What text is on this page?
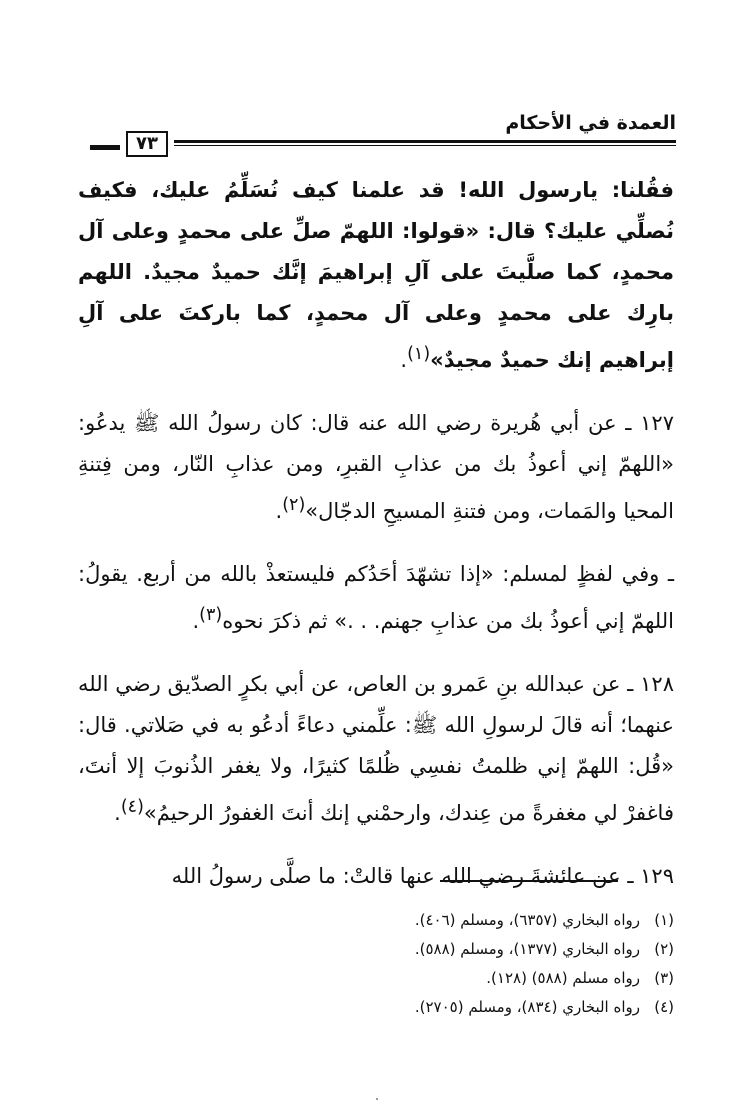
العمدة في الأحكام
٧٣

فقُلنا: يارسول الله! قد علمنا كيف نُسَلِّمُ عليك، فكيف نُصلِّي عليك؟ قال: «قولوا: اللهمّ صلِّ على محمدٍ وعلى آل محمدٍ، كما صلَّيتَ على آلِ إبراهيمَ إنَّك حميدٌ مجيدٌ. اللهم بارِك على محمدٍ وعلى آل محمدٍ، كما باركتَ على آلِ إبراهيم إنك حميدٌ مجيدٌ»$^{(١)}$.

١٢٧ ـ عن أبي هُريرة رضي الله عنه قال: كان رسولُ الله ﷺ يدعُو: «اللهمّ إني أعوذُ بك من عذابِ القبرِ، ومن عذابِ النّار، ومن فِتنةِ المحيا والمَمات، ومن فتنةِ المسيحِ الدجّال»$^{(٢)}$.

ـ وفي لفظٍ لمسلم: «إذا تشهّدَ أحَدُكم فليستعذْ بالله من أربع. يقولُ: اللهمّ إني أعوذُ بك من عذابِ جهنم. . .» ثم ذكرَ نحوه$^{(٣)}$.

١٢٨ ـ عن عبدالله بنِ عَمرو بن العاص، عن أبي بكرٍ الصدّيق رضي الله عنهما؛ أنه قالَ لرسولِ الله ﷺ: علِّمني دعاءً أدعُو به في صَلاتي. قال: «قُل: اللهمّ إني ظلمتُ نفسِي ظُلمًا كثيرًا، ولا يغفر الذُنوبَ إلا أنتَ، فاغفرْ لي مغفرةً من عِندك، وارحمْني إنك أنتَ الغفورُ الرحيمُ»$^{(٤)}$.

١٢٩ ـ عن عائشةَ رضي الله عنها قالتْ: ما صلَّى رسولُ الله

(١)رواه البخاري (٦٣٥٧)، ومسلم (٤٠٦).
(٢)رواه البخاري (١٣٧٧)، ومسلم (٥٨٨).
(٣)رواه مسلم (٥٨٨) (١٢٨).
(٤)رواه البخاري (٨٣٤)، ومسلم (٢٧٠٥).
